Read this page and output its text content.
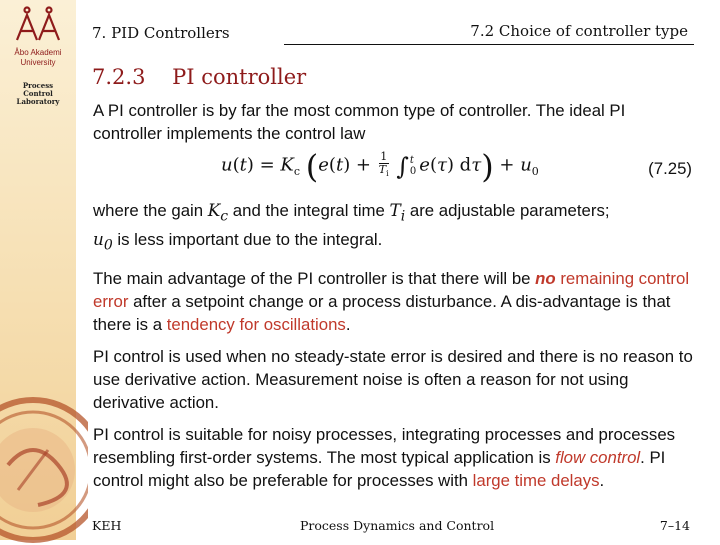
Åbo Akademi
University
Process
Control
Laboratory
7. PID Controllers	7.2 Choice of controller type
7.2.3    PI controller

A PI controller is by far the most common type of controller. The ideal PI controller implements the control law

$u(t) = K_c$ ($e(t) + \frac{1}{T_i} \int t$
0 e(τ) $d\tau) + u_0$	(7.25)

where the gain $K_c$ and the integral time $T_i$ are adjustable parameters;
$u_0$ is less important due to the integral.

The main advantage of the PI controller is that there will be no remaining control error after a setpoint change or a process disturbance. A dis-advantage is that there is a tendency for oscillations.

PI control is used when no steady-state error is desired and there is no reason to use derivative action. Measurement noise is often a reason for not using derivative action.

PI control is suitable for noisy processes, integrating processes and processes resembling first-order systems. The most typical application is flow control. PI control might also be preferable for processes with large time delays.

KEH	Process Dynamics and Control	7–14
